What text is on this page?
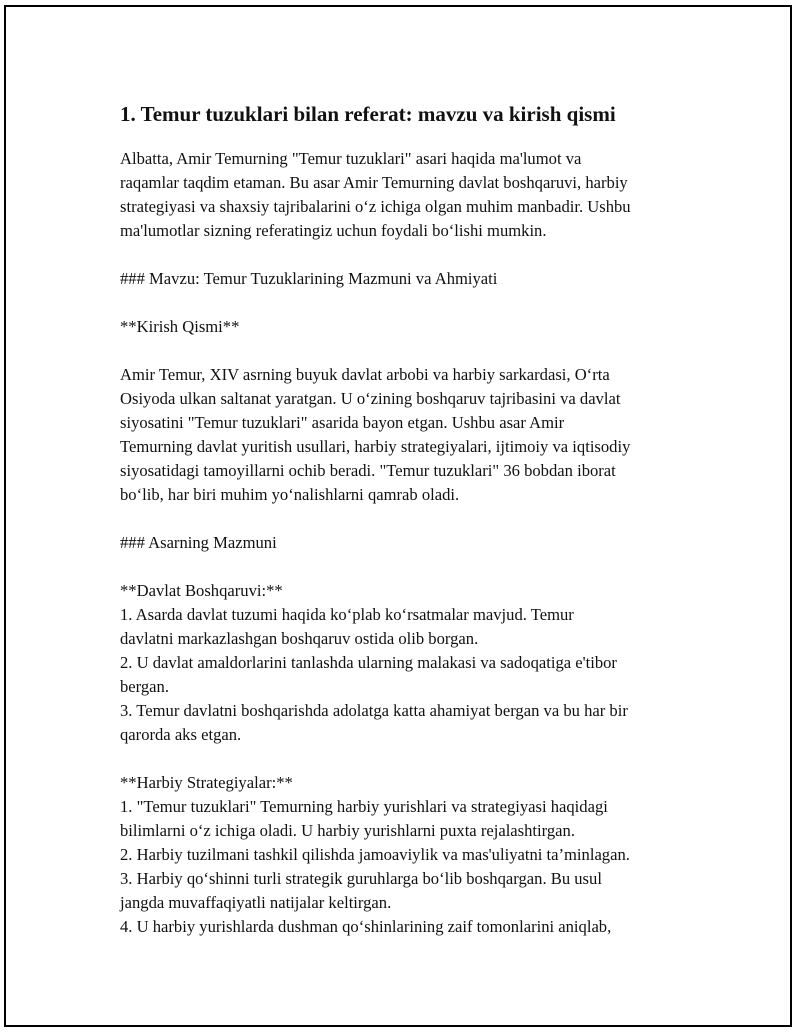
1. Temur tuzuklari bilan referat: mavzu va kirish qismi
Albatta, Amir Temurning "Temur tuzuklari" asari haqida ma'lumot va
raqamlar taqdim etaman. Bu asar Amir Temurning davlat boshqaruvi, harbiy
strategiyasi va shaxsiy tajribalarini o‘z ichiga olgan muhim manbadir. Ushbu
ma'lumotlar sizning referatingiz uchun foydali bo‘lishi mumkin.
### Mavzu: Temur Tuzuklarining Mazmuni va Ahmiyati
**Kirish Qismi**
Amir Temur, XIV asrning buyuk davlat arbobi va harbiy sarkardasi, O‘rta
Osiyoda ulkan saltanat yaratgan. U o‘zining boshqaruv tajribasini va davlat
siyosatini "Temur tuzuklari" asarida bayon etgan. Ushbu asar Amir
Temurning davlat yuritish usullari, harbiy strategiyalari, ijtimoiy va iqtisodiy
siyosatidagi tamoyillarni ochib beradi. "Temur tuzuklari" 36 bobdan iborat
bo‘lib, har biri muhim yo‘nalishlarni qamrab oladi.
### Asarning Mazmuni
**Davlat Boshqaruvi:**
1. Asarda davlat tuzumi haqida ko‘plab ko‘rsatmalar mavjud. Temur
davlatni markazlashgan boshqaruv ostida olib borgan.
2. U davlat amaldorlarini tanlashda ularning malakasi va sadoqatiga e'tibor
bergan.
3. Temur davlatni boshqarishda adolatga katta ahamiyat bergan va bu har bir
qarorda aks etgan.
**Harbiy Strategiyalar:**
1. "Temur tuzuklari" Temurning harbiy yurishlari va strategiyasi haqidagi
bilimlarni o‘z ichiga oladi. U harbiy yurishlarni puxta rejalashtirgan.
2. Harbiy tuzilmani tashkil qilishda jamoaviylik va mas'uliyatni ta’minlagan.
3. Harbiy qo‘shinni turli strategik guruhlarga bo‘lib boshqargan. Bu usul
jangda muvaffaqiyatli natijalar keltirgan.
4. U harbiy yurishlarda dushman qo‘shinlarining zaif tomonlarini aniqlab,
